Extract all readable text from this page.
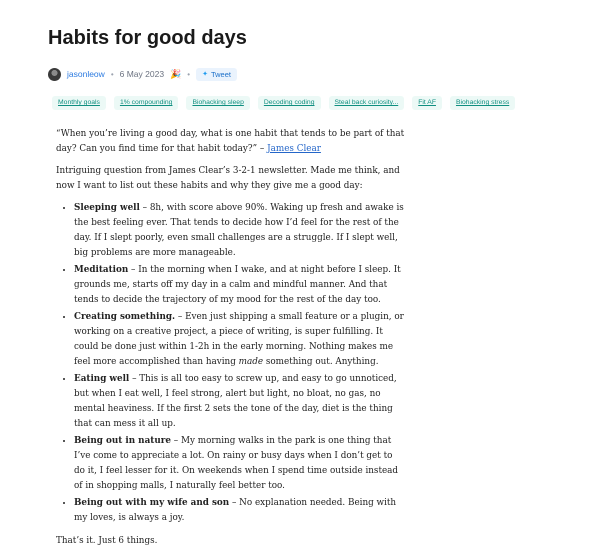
Habits for good days
jasonleow • 6 May 2023 🎉 • ✦ Tweet
Monthly goals	1% compounding	Biohacking sleep	Decoding coding	Steal back curiosity...	Fit AF	Biohacking stress

“When you’re living a good day, what is one habit that tends to be part of that day? Can you find time for that habit today?” – James Clear

Intriguing question from James Clear’s 3-2-1 newsletter. Made me think, and now I want to list out these habits and why they give me a good day:

• Sleeping well – 8h, with score above 90%. Waking up fresh and awake is the best feeling ever. That tends to decide how I’d feel for the rest of the day. If I slept poorly, even small challenges are a struggle. If I slept well, big problems are more manageable.
• Meditation – In the morning when I wake, and at night before I sleep. It grounds me, starts off my day in a calm and mindful manner. And that tends to decide the trajectory of my mood for the rest of the day too.
• Creating something. – Even just shipping a small feature or a plugin, or working on a creative project, a piece of writing, is super fulfilling. It could be done just within 1-2h in the early morning. Nothing makes me feel more accomplished than having made something out. Anything.
• Eating well – This is all too easy to screw up, and easy to go unnoticed, but when I eat well, I feel strong, alert but light, no bloat, no gas, no mental heaviness. If the first 2 sets the tone of the day, diet is the thing that can mess it all up.
• Being out in nature – My morning walks in the park is one thing that I’ve come to appreciate a lot. On rainy or busy days when I don’t get to do it, I feel lesser for it. On weekends when I spend time outside instead of in shopping malls, I naturally feel better too.
• Being out with my wife and son – No explanation needed. Being with my loves, is always a joy.

That’s it. Just 6 things.
